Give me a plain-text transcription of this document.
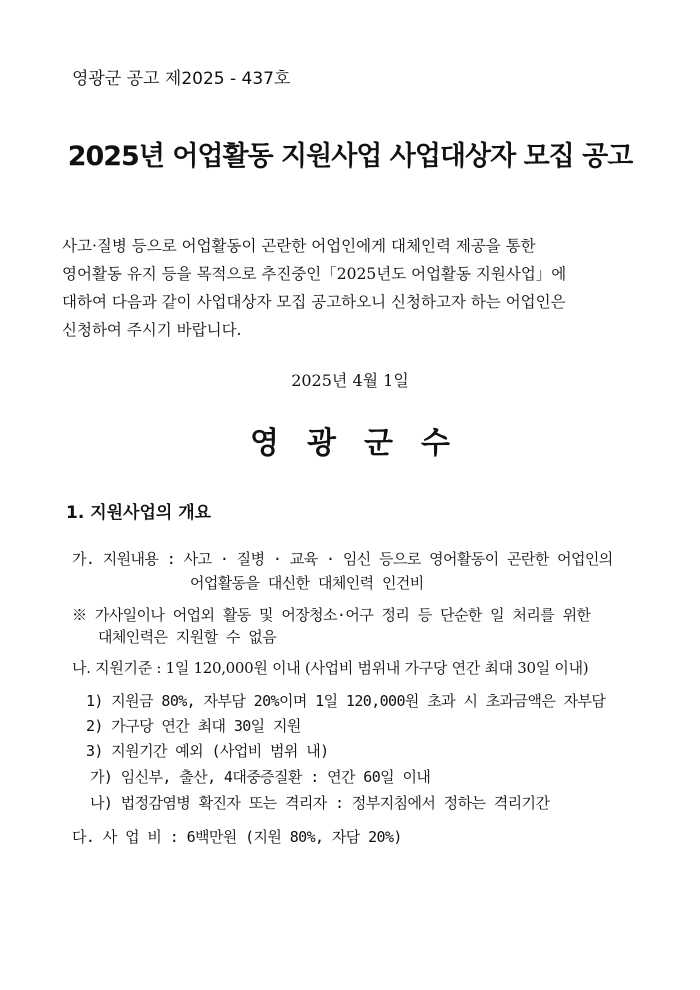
영광군 공고 제2025 - 437호
2025년 어업활동 지원사업 사업대상자 모집 공고
사고·질병 등으로 어업활동이 곤란한 어업인에게 대체인력 제공을 통한
영어활동 유지 등을 목적으로 추진중인「2025년도 어업활동 지원사업」에
대하여 다음과 같이 사업대상자 모집 공고하오니 신청하고자 하는 어업인은
신청하여 주시기 바랍니다.
2025년 4월 1일
영광군수
1. 지원사업의 개요
가. 지원내용 : 사고 · 질병 · 교육 · 임신 등으로 영어활동이 곤란한 어업인의
어업활동을 대신한 대체인력 인건비
※ 가사일이나 어업외 활동 및 어장청소·어구 정리 등 단순한 일 처리를 위한
대체인력은 지원할 수 없음
나. 지원기준 : 1일 120,000원 이내 (사업비 범위내 가구당 연간 최대 30일 이내)
1) 지원금 80%, 자부담 20%이며 1일 120,000원 초과 시 초과금액은 자부담
2) 가구당 연간 최대 30일 지원
3) 지원기간 예외 (사업비 범위 내)
가) 임신부, 출산, 4대중증질환 : 연간 60일 이내
나) 법정감염병 확진자 또는 격리자 : 정부지침에서 정하는 격리기간
다. 사 업 비 : 6백만원 (지원 80%, 자담 20%)
